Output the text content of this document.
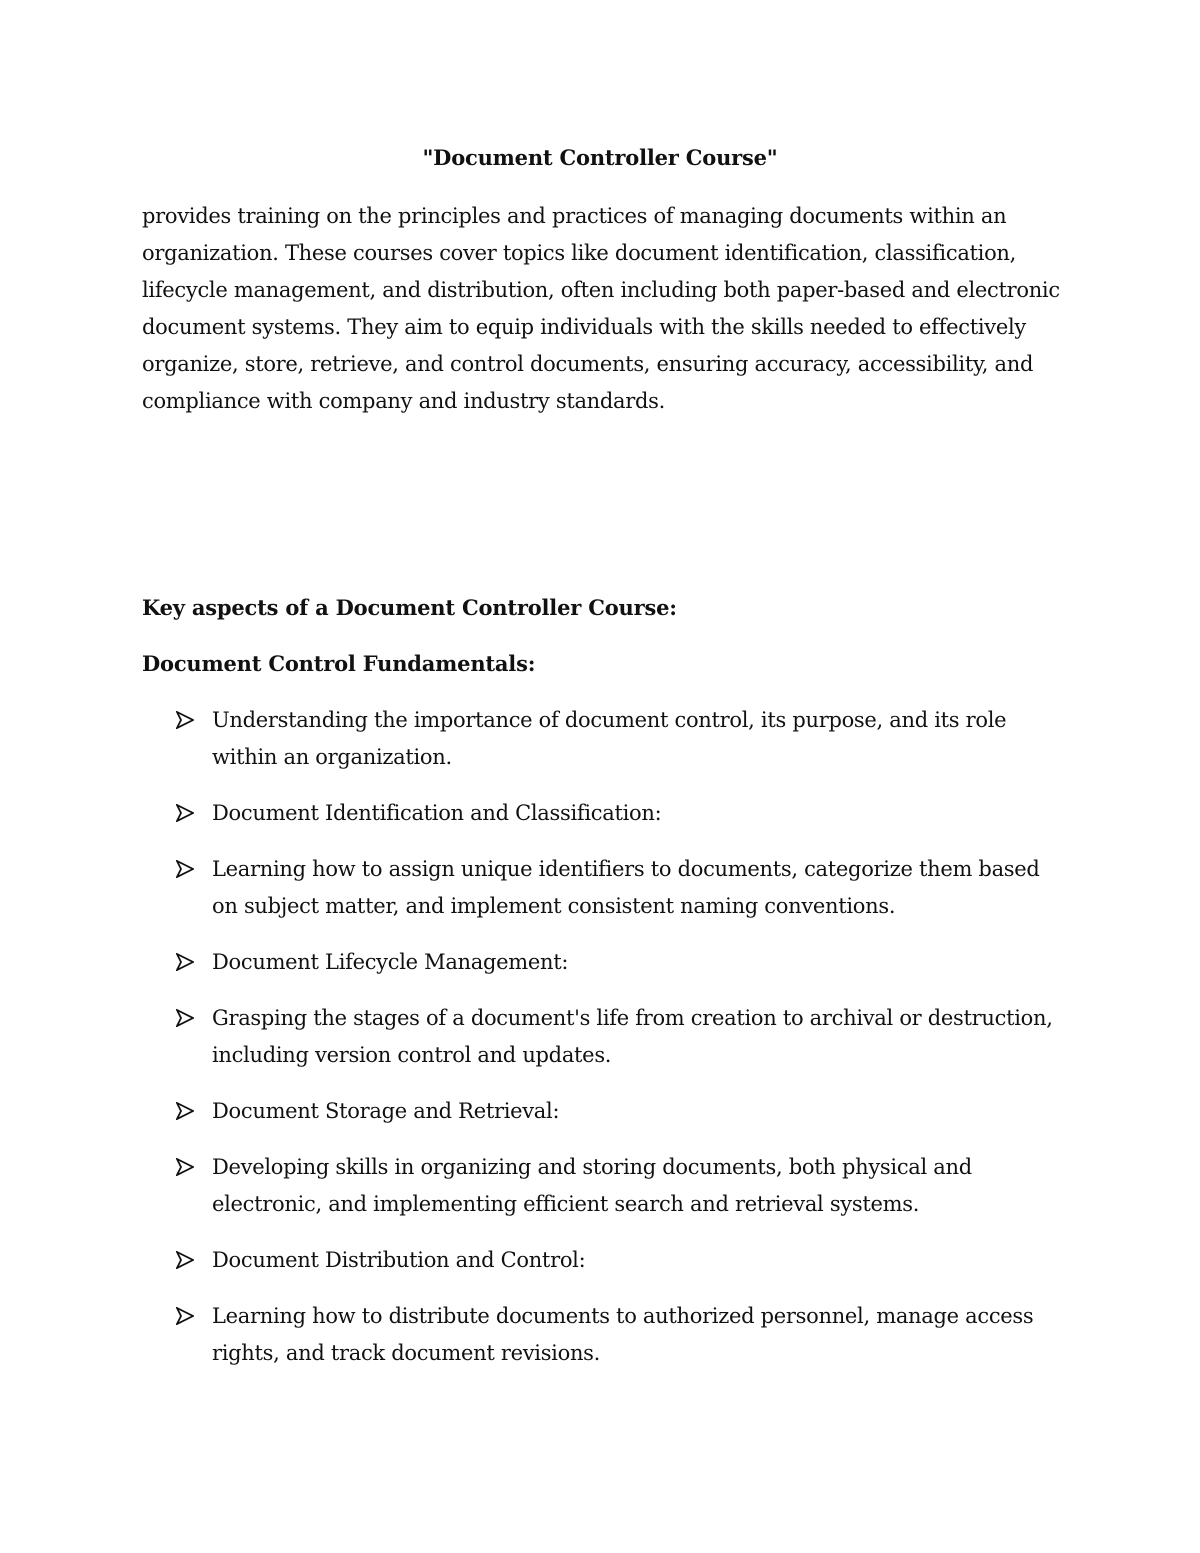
"Document Controller Course"

provides training on the principles and practices of managing documents within an organization. These courses cover topics like document identification, classification, lifecycle management, and distribution, often including both paper-based and electronic document systems. They aim to equip individuals with the skills needed to effectively organize, store, retrieve, and control documents, ensuring accuracy, accessibility, and compliance with company and industry standards.

Key aspects of a Document Controller Course:

Document Control Fundamentals:

Understanding the importance of document control, its purpose, and its role within an organization.
Document Identification and Classification:
Learning how to assign unique identifiers to documents, categorize them based on subject matter, and implement consistent naming conventions.
Document Lifecycle Management:
Grasping the stages of a document's life from creation to archival or destruction, including version control and updates.
Document Storage and Retrieval:
Developing skills in organizing and storing documents, both physical and electronic, and implementing efficient search and retrieval systems.
Document Distribution and Control:
Learning how to distribute documents to authorized personnel, manage access rights, and track document revisions.
